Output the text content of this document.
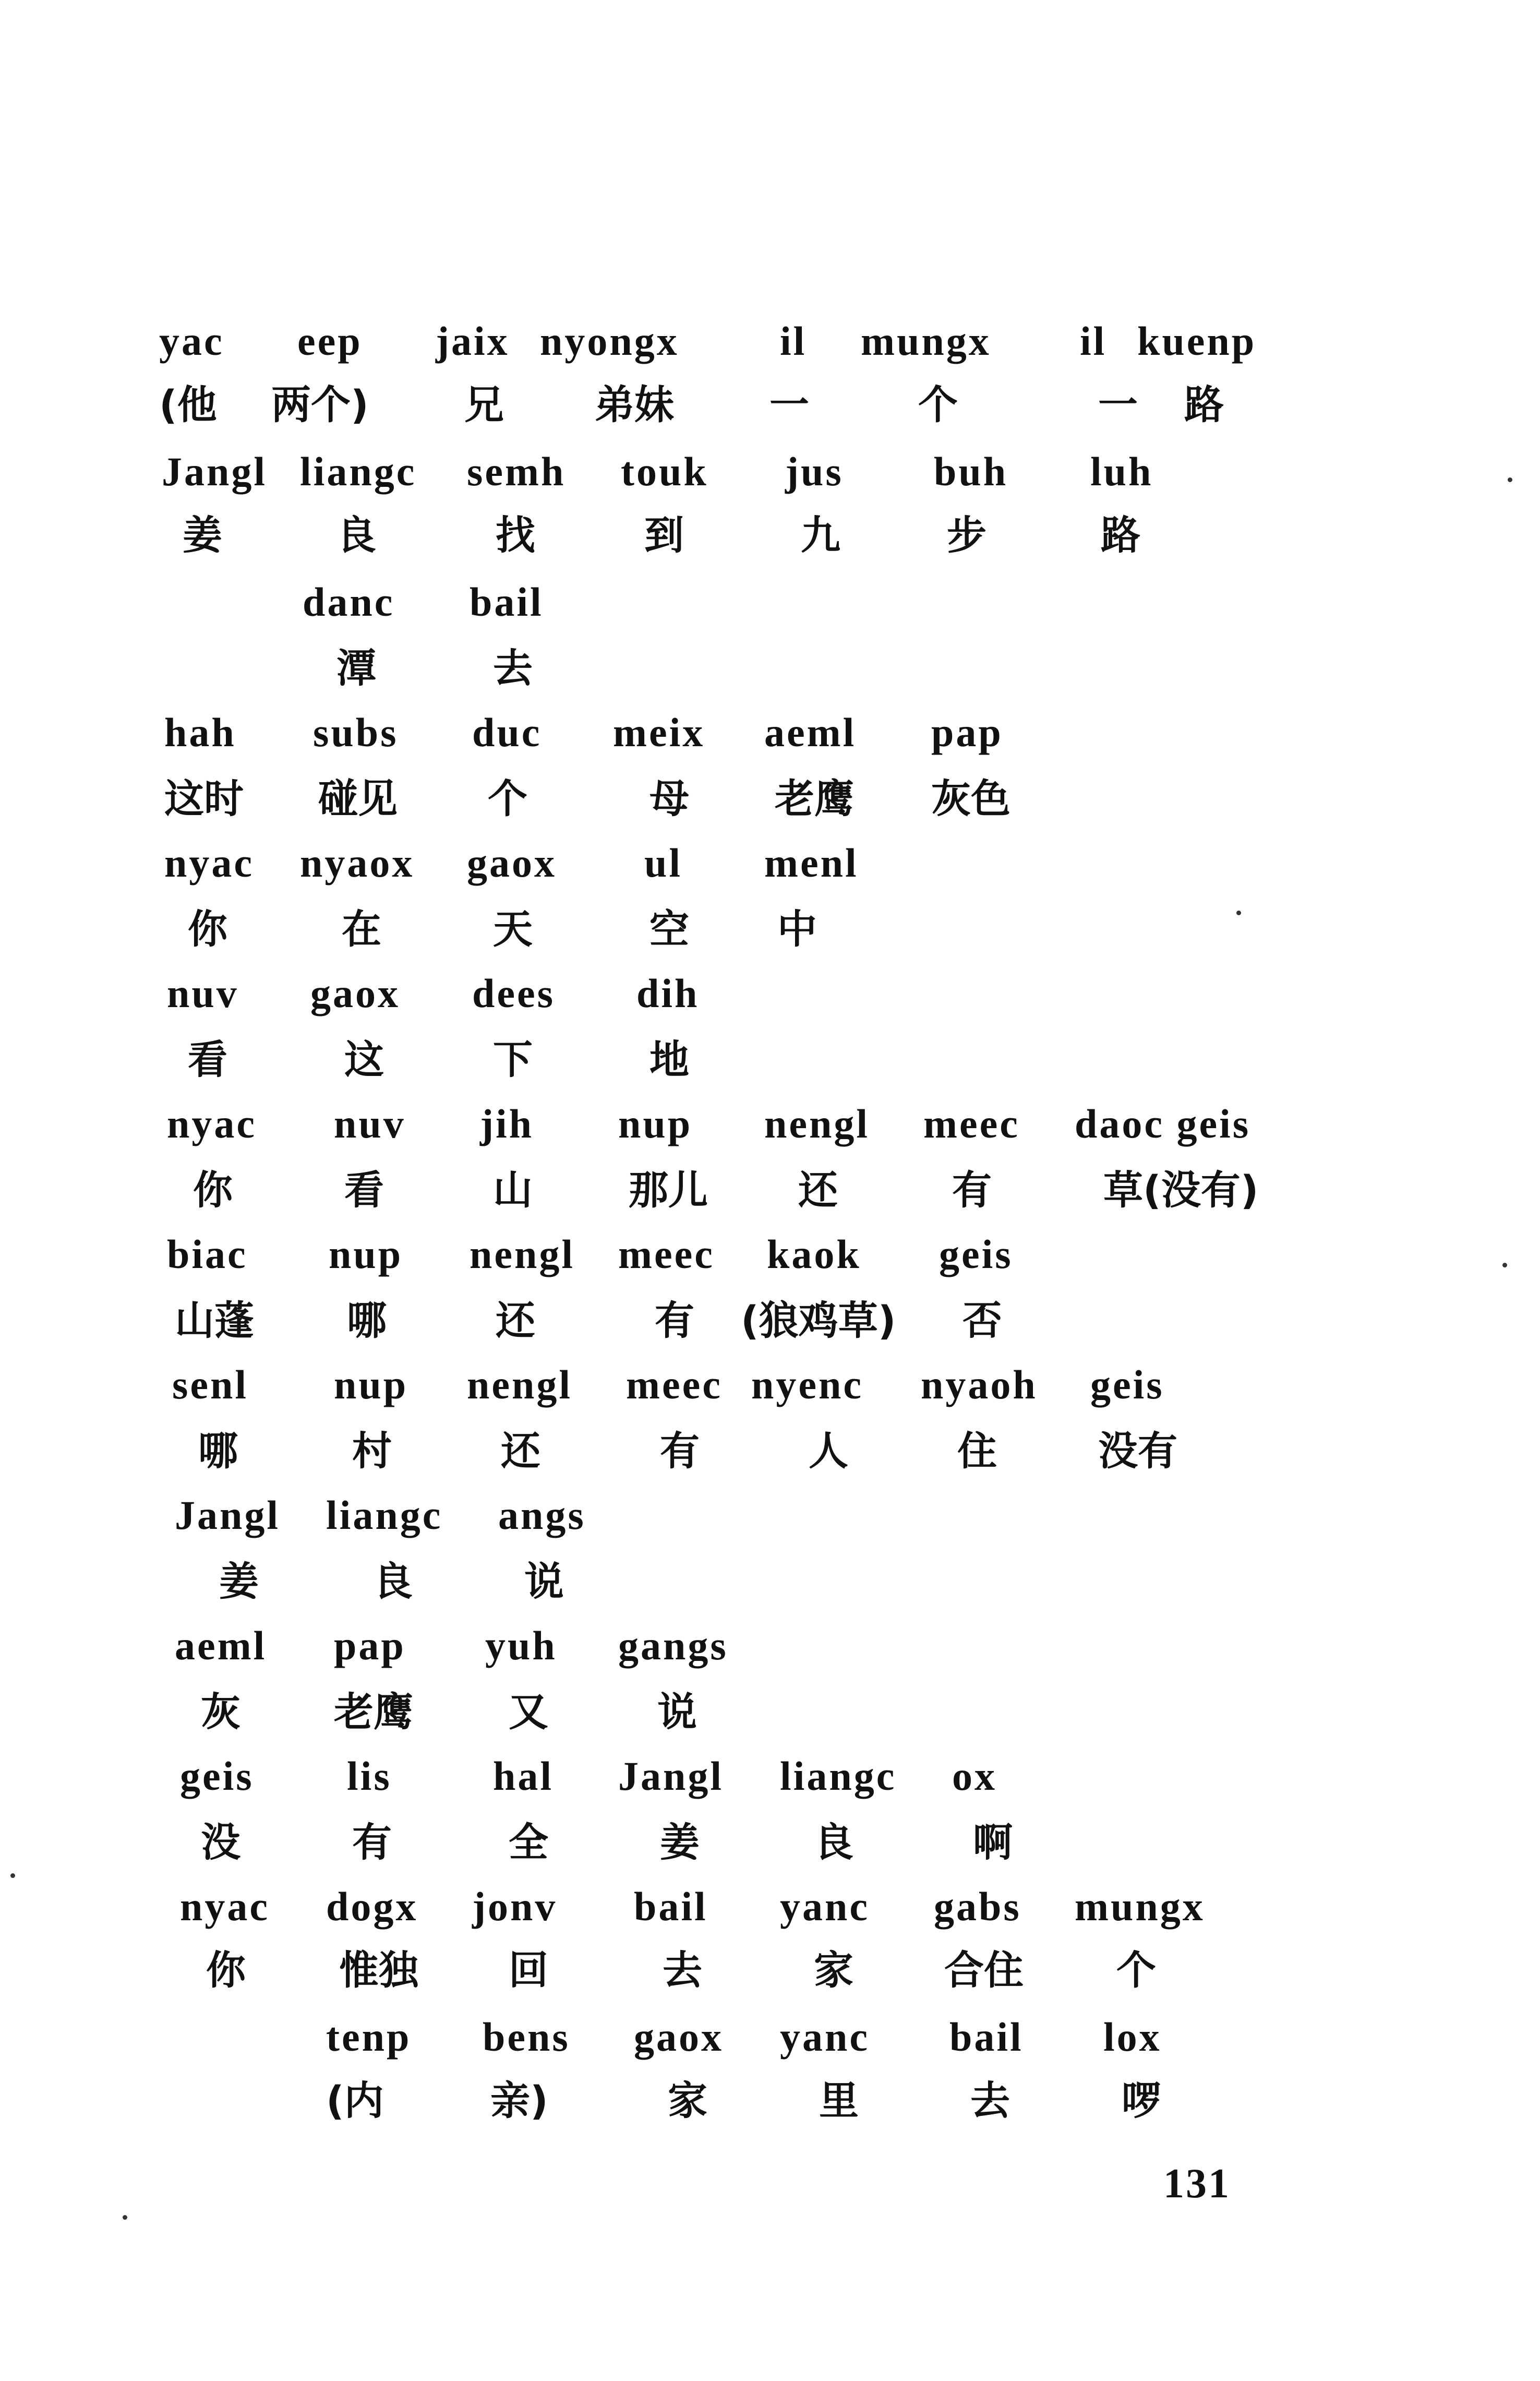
yac eep jaix nyongx il mungx il kuenp
(他 两个) 兄 弟妹 一	个	一 路
Jangl liangc semh touk jus buh luh
姜	良	找	到	九	步	路
danc bail
潭	去
hah subs duc meix aeml pap
这时 碰见 个	母 老鹰 灰色
nyac nyaox gaox ul menl
你	在	天	空 中
nuv gaox dees dih
看	这	下	地
nyac nuv jih nup nengl meec daoc geis
你	看	山 那儿 还	有	草(没有)
biac nup nengl meec kaok geis
山蓬 哪	还	有 (狼鸡草) 否
senl nup nengl meec nyenc nyaoh geis
哪	村	还	有	人	住	没有
Jangl liangc angs
姜	良	说
aeml pap yuh gangs
灰 老鹰 又	说
geis lis hal Jangl liangc ox
没	有	全	姜	良	啊
nyac dogx jonv bail yanc gabs mungx
你 惟独 回	去	家 合住 个
tenp bens gaox yanc bail lox
(内	亲)	家	里	去	啰
131
